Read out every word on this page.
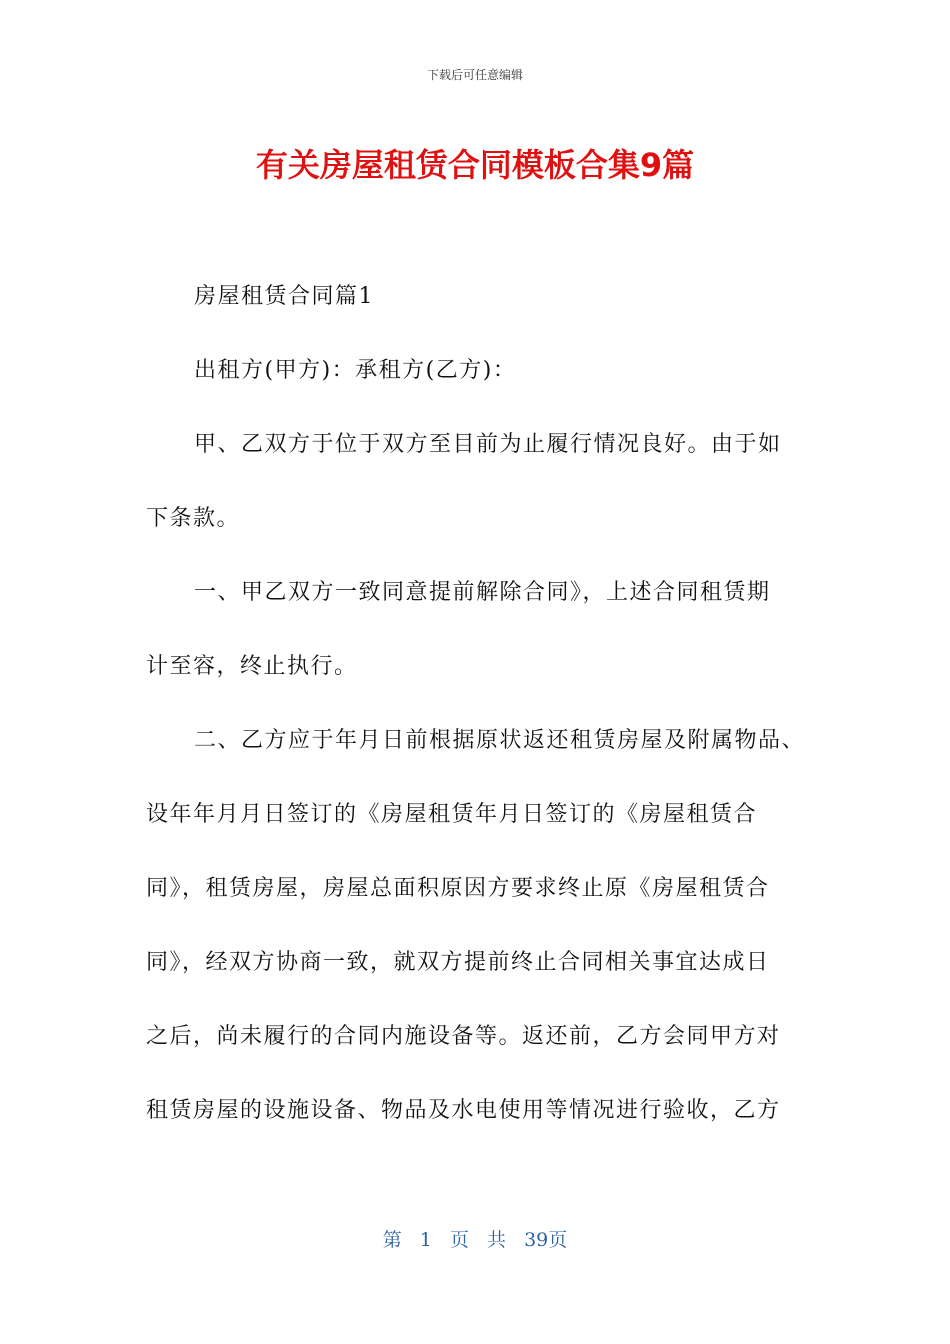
下载后可任意编辑
有关房屋租赁合同模板合集9篇

房屋租赁合同篇1

出租方(甲方)：承租方(乙方)：

甲、乙双方于位于双方至目前为止履行情况良好。由于如

下条款。

一、甲乙双方一致同意提前解除合同》，上述合同租赁期

计至容，终止执行。

二、乙方应于年月日前根据原状返还租赁房屋及附属物品、

设年年月月日签订的《房屋租赁年月日签订的《房屋租赁合

同》，租赁房屋，房屋总面积原因方要求终止原《房屋租赁合

同》，经双方协商一致，就双方提前终止合同相关事宜达成日

之后，尚未履行的合同内施设备等。返还前，乙方会同甲方对

租赁房屋的设施设备、物品及水电使用等情况进行验收，乙方

第 1 页 共 39页
